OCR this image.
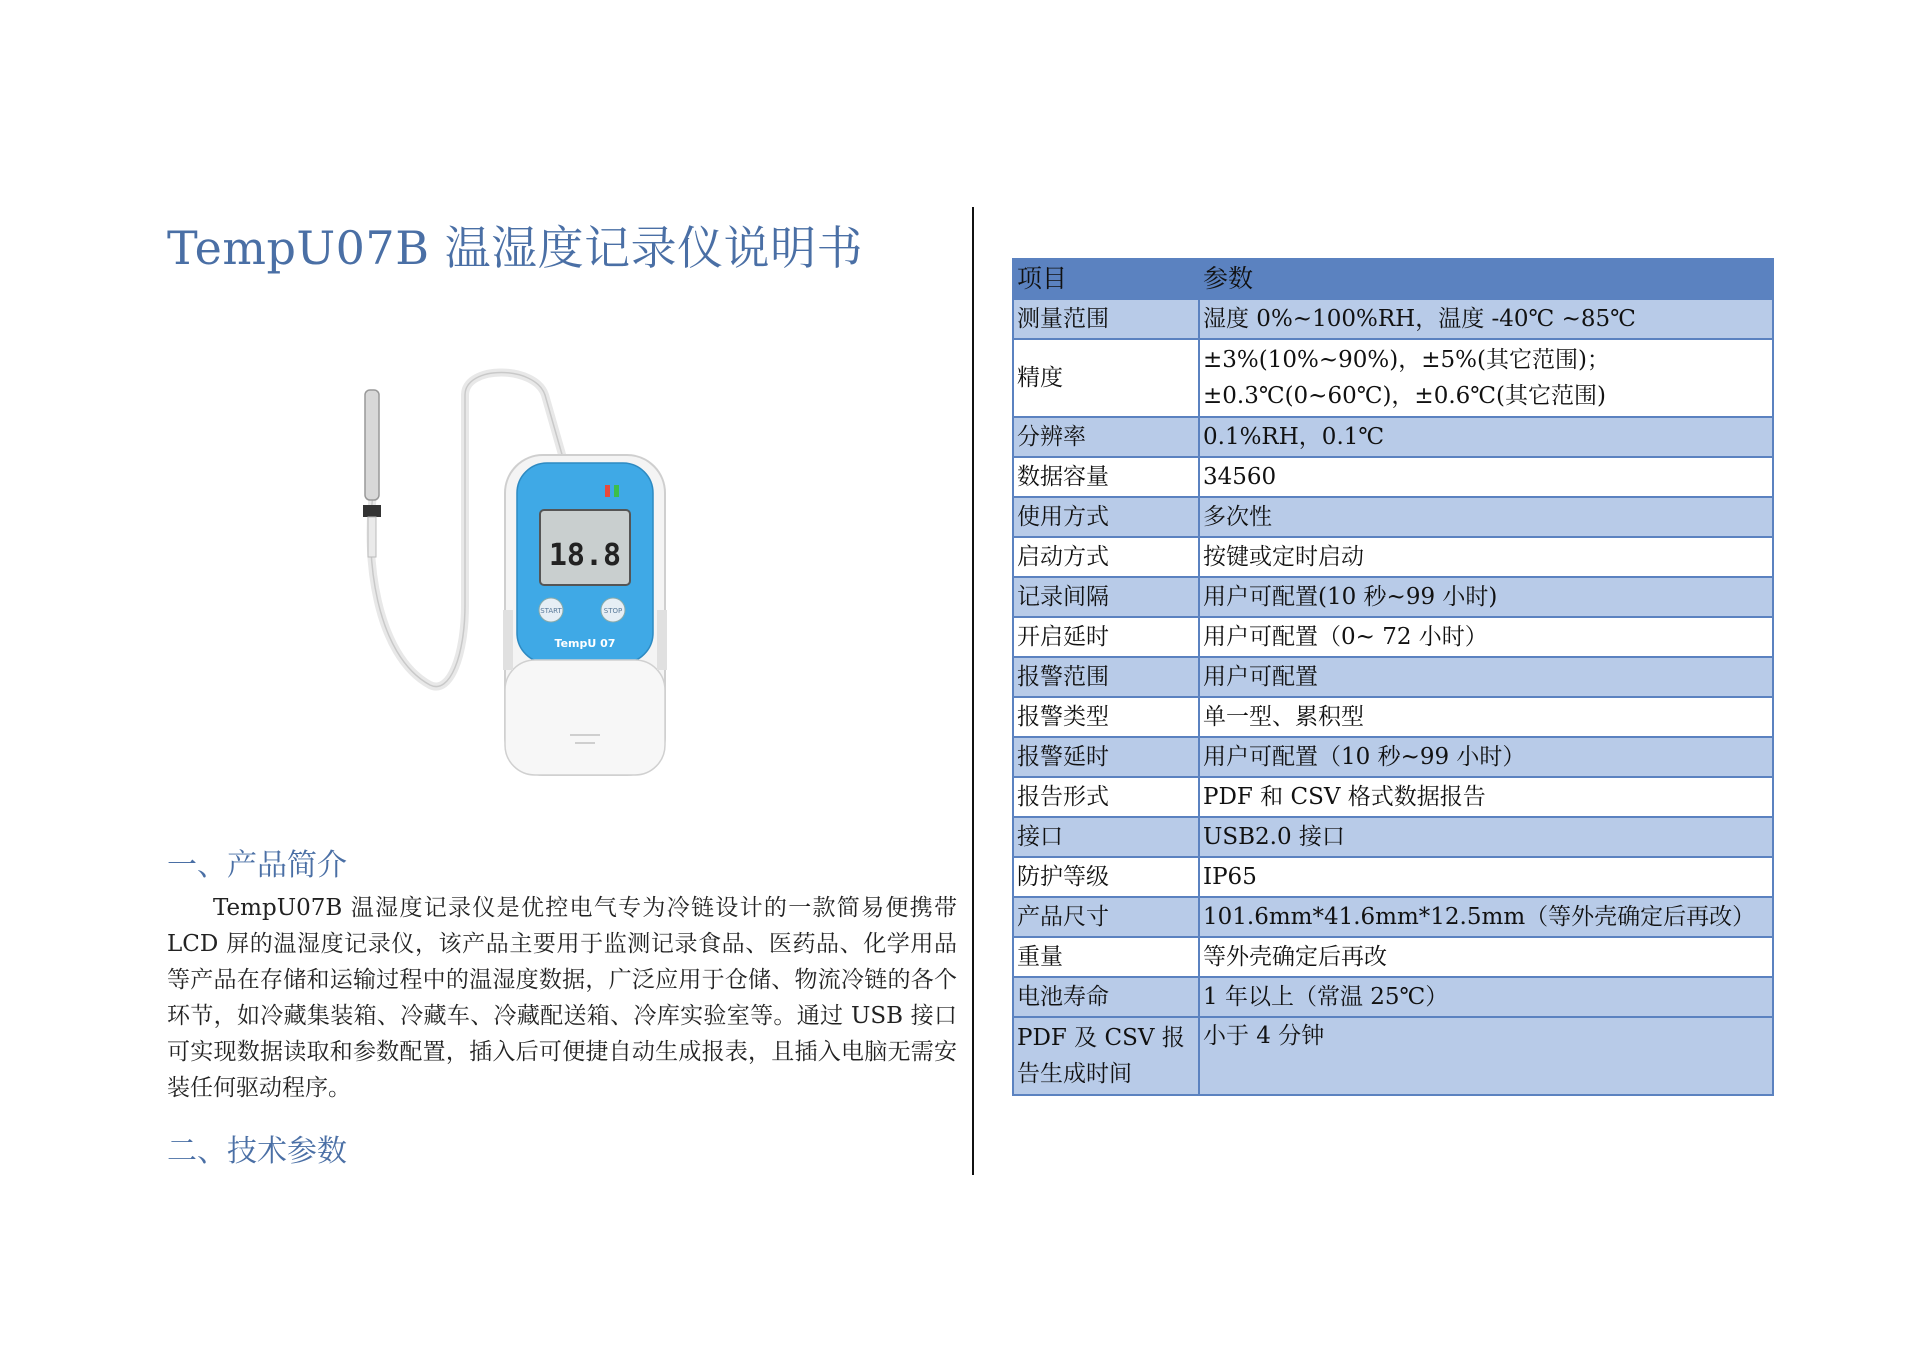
TempU07B 温湿度记录仪说明书
18.8
START	STOP
TempU 07
一、产品简介

TempU07B 温湿度记录仪是优控电气专为冷链设计的一款简易便携带 LCD 屏的温湿度记录仪，该产品主要用于监测记录食品、医药品、化学用品等产品在存储和运输过程中的温湿度数据，广泛应用于仓储、物流冷链的各个环节，如冷藏集装箱、冷藏车、冷藏配送箱、冷库实验室等。通过 USB 接口可实现数据读取和参数配置，插入后可便捷自动生成报表，且插入电脑无需安装任何驱动程序。

二、技术参数
项目	参数
测量范围	湿度 0%~100%RH，温度 -40℃ ~85℃
精度	±3%(10%~90%)，±5%(其它范围)；±0.3℃(0~60℃)，±0.6℃(其它范围)
分辨率	0.1%RH，0.1℃
数据容量	34560
使用方式	多次性
启动方式	按键或定时启动
记录间隔	用户可配置(10 秒~99 小时)
开启延时	用户可配置（0~ 72 小时）
报警范围	用户可配置
报警类型	单一型、累积型
报警延时	用户可配置（10 秒~99 小时）
报告形式	PDF 和 CSV 格式数据报告
接口	USB2.0 接口
防护等级	IP65
产品尺寸	101.6mm*41.6mm*12.5mm（等外壳确定后再改）
重量	等外壳确定后再改
电池寿命	1 年以上（常温 25℃）
PDF 及 CSV 报告生成时间	小于 4 分钟
